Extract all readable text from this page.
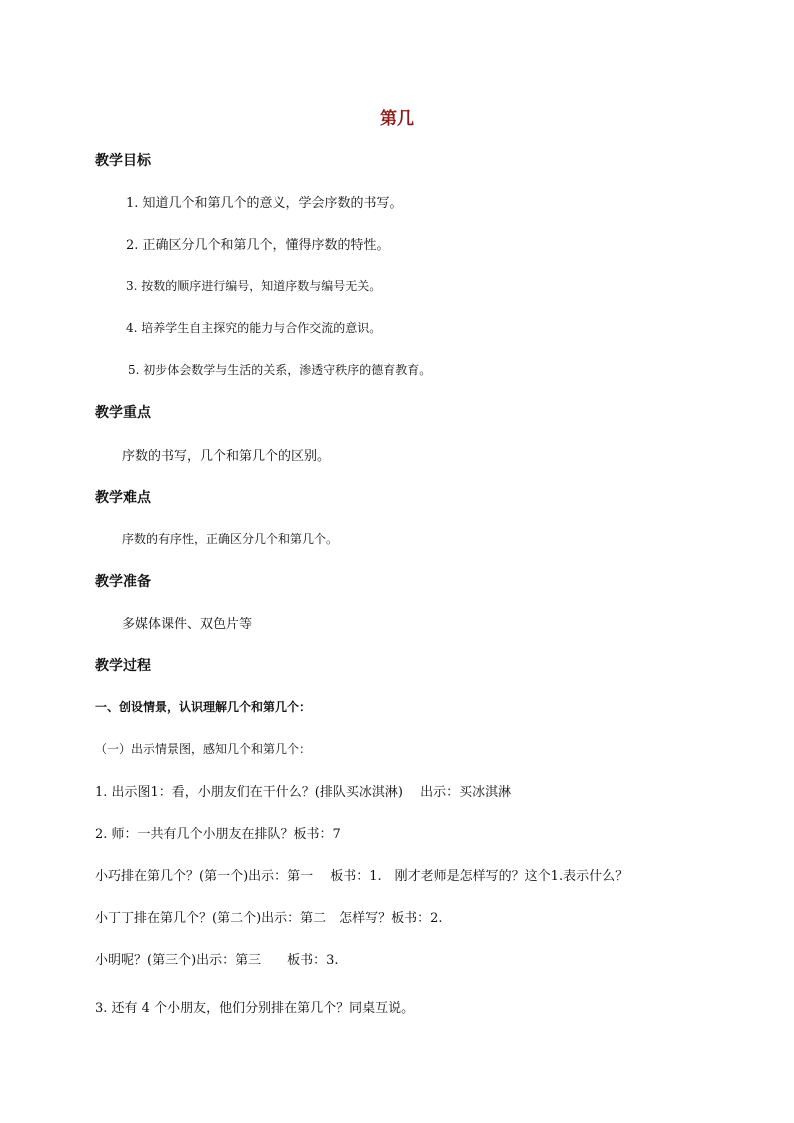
第几
教学目标
1. 知道几个和第几个的意义，学会序数的书写。
2. 正确区分几个和第几个，懂得序数的特性。
3. 按数的顺序进行编号，知道序数与编号无关。
4. 培养学生自主探究的能力与合作交流的意识。
5. 初步体会数学与生活的关系，渗透守秩序的德育教育。
教学重点
序数的书写，几个和第几个的区别。
教学难点
序数的有序性，正确区分几个和第几个。
教学准备
多媒体课件、双色片等
教学过程
一、创设情景，认识理解几个和第几个：
（一）出示情景图，感知几个和第几个：
1. 出示图1：看，小朋友们在干什么？(排队买冰淇淋)　 出示：买冰淇淋
2. 师：一共有几个小朋友在排队？板书：7
小巧排在第几个？(第一个)出示：第一　 板书：1.　刚才老师是怎样写的？这个1.表示什么？
小丁丁排在第几个？(第二个)出示：第二　怎样写？板书：2.
小明呢？(第三个)出示：第三　　板书：3.
3. 还有 4 个小朋友，他们分别排在第几个？同桌互说。
